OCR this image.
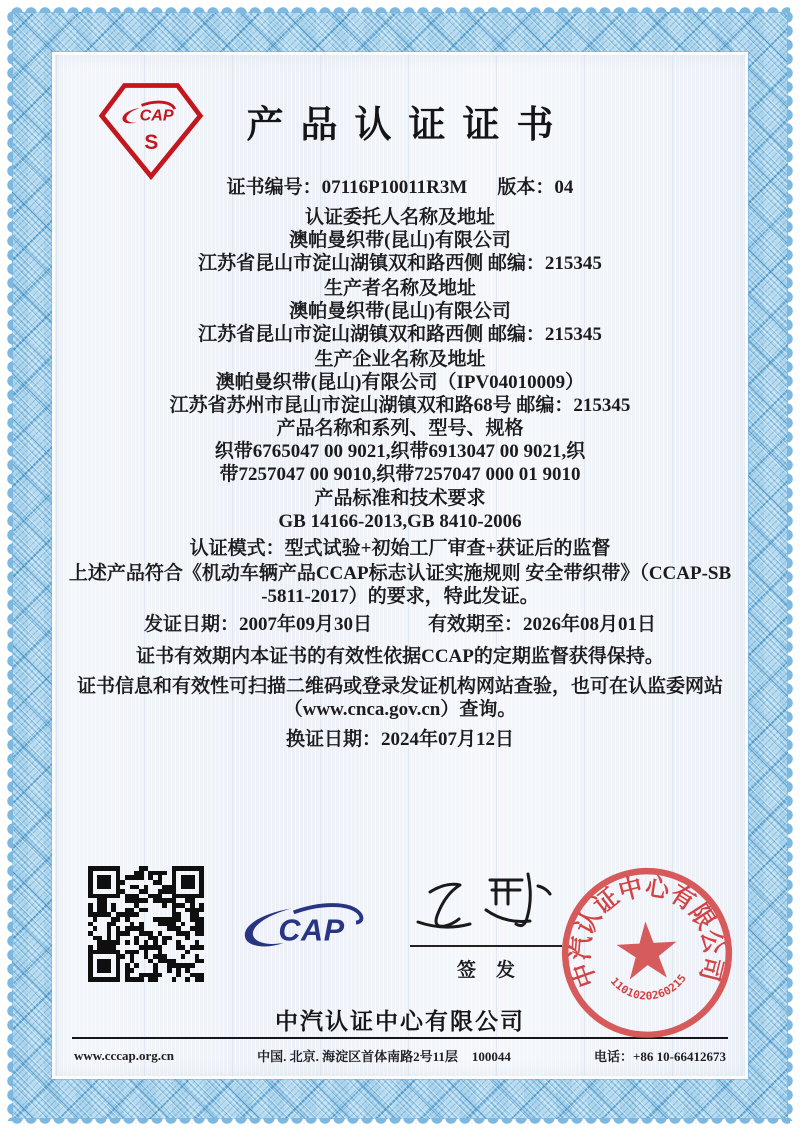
CAP
S	产品认证证书
证书编号： 07116P10011R3M 版本： 04
认证委托人名称及地址
澳帕曼织带(昆山)有限公司
江苏省昆山市淀山湖镇双和路西侧 邮编：215345
生产者名称及地址
澳帕曼织带(昆山)有限公司
江苏省昆山市淀山湖镇双和路西侧 邮编：215345
生产企业名称及地址
澳帕曼织带(昆山)有限公司（IPV04010009）
江苏省苏州市昆山市淀山湖镇双和路68号 邮编：215345
产品名称和系列、型号、规格
织带6765047 00 9021,织带6913047 00 9021,织
带7257047 00 9010,织带7257047 000 01 9010
产品标准和技术要求
GB 14166-2013,GB 8410-2006
认证模式：型式试验+初始工厂审查+获证后的监督
上述产品符合《机动车辆产品CCAP标志认证实施规则 安全带织带》（CCAP-SB
-5811-2017）的要求，特此发证。
发证日期： 2007年09月30日	有效期至： 2026年08月01日
证书有效期内本证书的有效性依据CCAP的定期监督获得保持。
证书信息和有效性可扫描二维码或登录发证机构网站查验，也可在认监委网站
（www.cnca.gov.cn）查询。
换证日期： 2024年07月12日
CAP
签发	中汽认证中心有限公司
1101020260215
中汽认证中心有限公司
www.cccap.org.cn	中国. 北京. 海淀区首体南路2号11层 100044	电话：+86 10-66412673
